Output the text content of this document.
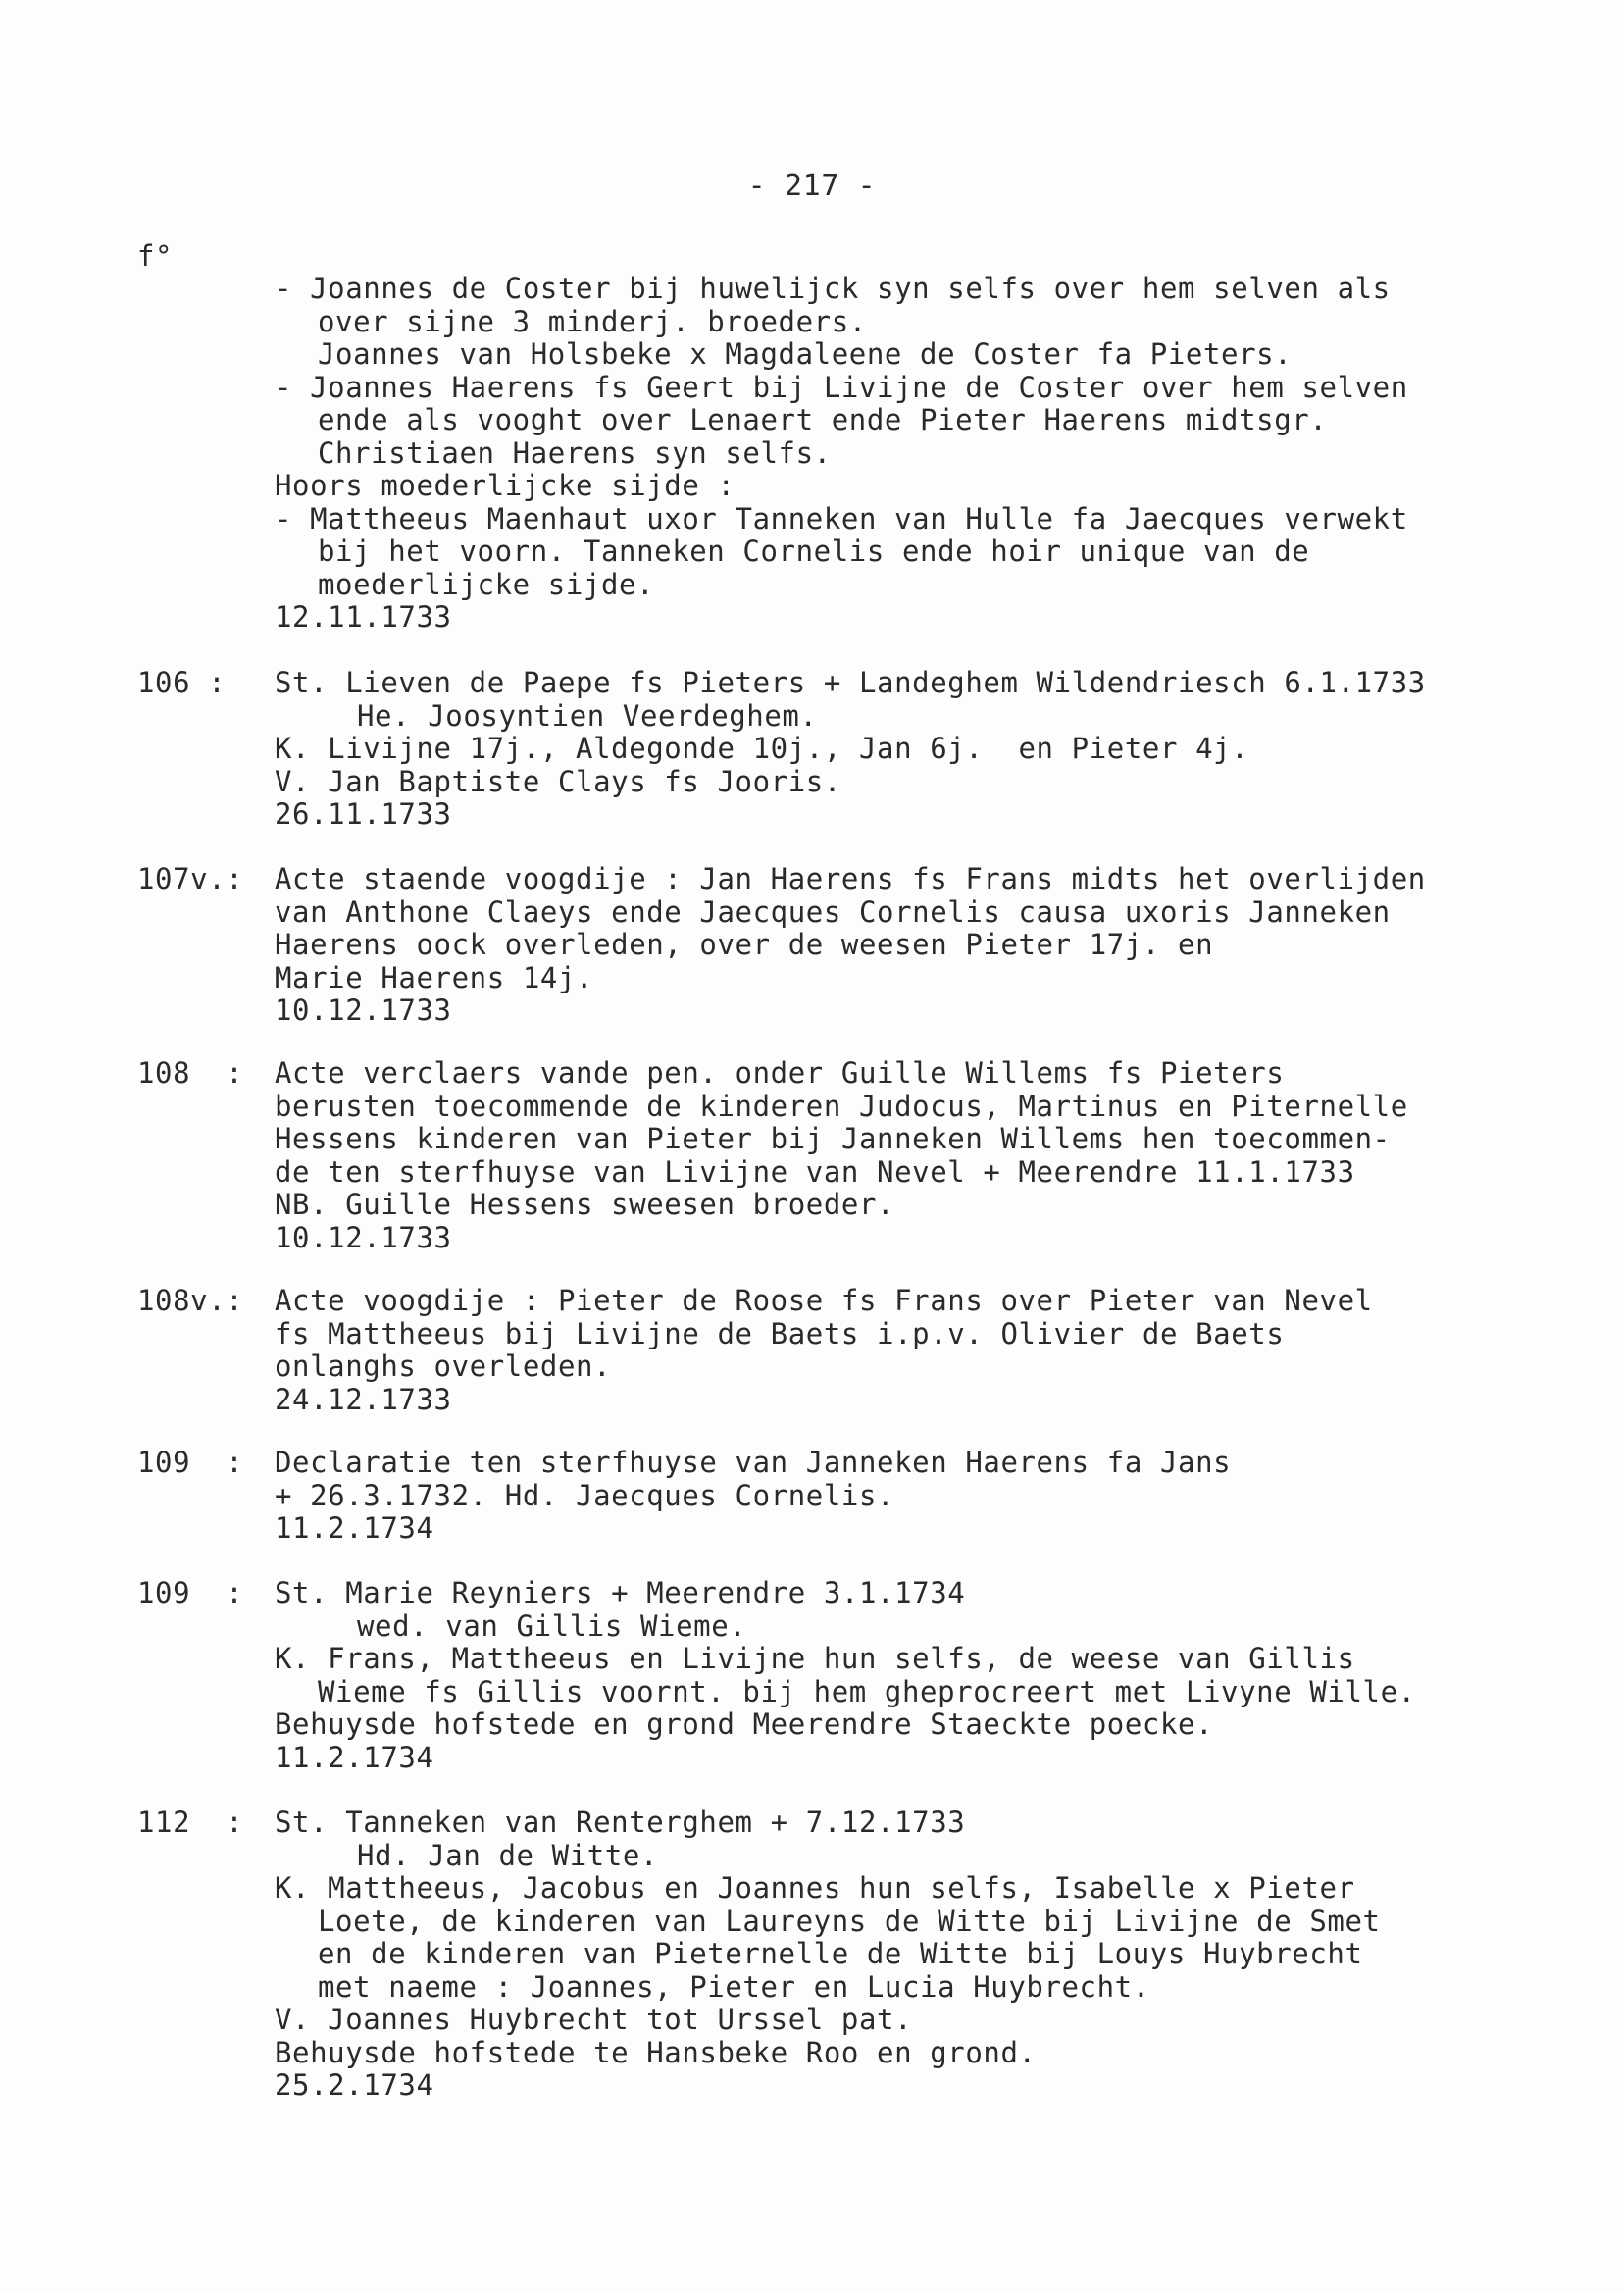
- 217 -
f°
- Joannes de Coster bij huwelijck syn selfs over hem selven als
over sijne 3 minderj. broeders.
Joannes van Holsbeke x Magdaleene de Coster fa Pieters.
- Joannes Haerens fs Geert bij Livijne de Coster over hem selven
ende als vooght over Lenaert ende Pieter Haerens midtsgr.
Christiaen Haerens syn selfs.
Hoors moederlijcke sijde :
- Mattheeus Maenhaut uxor Tanneken van Hulle fa Jaecques verwekt
bij het voorn. Tanneken Cornelis ende hoir unique van de
moederlijcke sijde.
12.11.1733
106 : St. Lieven de Paepe fs Pieters + Landeghem Wildendriesch 6.1.1733
He. Joosyntien Veerdeghem.
K. Livijne 17j., Aldegonde 10j., Jan 6j.  en Pieter 4j.
V. Jan Baptiste Clays fs Jooris.
26.11.1733
107v.: Acte staende voogdije : Jan Haerens fs Frans midts het overlijden
van Anthone Claeys ende Jaecques Cornelis causa uxoris Janneken
Haerens oock overleden, over de weesen Pieter 17j. en
Marie Haerens 14j.
10.12.1733
108  : Acte verclaers vande pen. onder Guille Willems fs Pieters
berusten toecommende de kinderen Judocus, Martinus en Piternelle
Hessens kinderen van Pieter bij Janneken Willems hen toecommen-
de ten sterfhuyse van Livijne van Nevel + Meerendre 11.1.1733
NB. Guille Hessens sweesen broeder.
10.12.1733
108v.: Acte voogdije : Pieter de Roose fs Frans over Pieter van Nevel
fs Mattheeus bij Livijne de Baets i.p.v. Olivier de Baets
onlanghs overleden.
24.12.1733
109  : Declaratie ten sterfhuyse van Janneken Haerens fa Jans
+ 26.3.1732. Hd. Jaecques Cornelis.
11.2.1734
109  : St. Marie Reyniers + Meerendre 3.1.1734
wed. van Gillis Wieme.
K. Frans, Mattheeus en Livijne hun selfs, de weese van Gillis
Wieme fs Gillis voornt. bij hem gheprocreert met Livyne Wille.
Behuysde hofstede en grond Meerendre Staeckte poecke.
11.2.1734
112  : St. Tanneken van Renterghem + 7.12.1733
Hd. Jan de Witte.
K. Mattheeus, Jacobus en Joannes hun selfs, Isabelle x Pieter
Loete, de kinderen van Laureyns de Witte bij Livijne de Smet
en de kinderen van Pieternelle de Witte bij Louys Huybrecht
met naeme : Joannes, Pieter en Lucia Huybrecht.
V. Joannes Huybrecht tot Urssel pat.
Behuysde hofstede te Hansbeke Roo en grond.
25.2.1734
